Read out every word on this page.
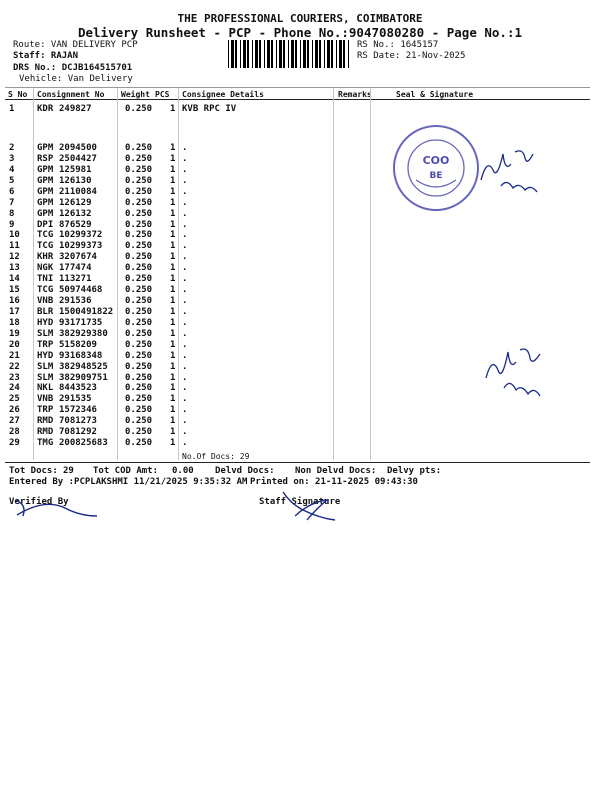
THE PROFESSIONAL COURIERS, COIMBATORE
Delivery Runsheet - PCP - Phone No.:9047080280 - Page No.:1
Route: VAN DELIVERY PCP
Staff: RAJAN
DRS No.: DCJB164515701
Vehicle: Van Delivery
RS No.: 1645157
RS Date: 21-Nov-2025
S No Consignment No Weight PCS Consignee Details	Remarks	Seal & Signature
1	KDR 249827	0.250 1 KVB RPC IV
2	GPM 2094500	0.250 1 .
3	RSP 2504427	0.250 1 .
4	GPM 125981	0.250 1 .
5	GPM 126130	0.250 1 .
6	GPM 2110084	0.250 1 .
7	GPM 126129	0.250 1 .
8	GPM 126132	0.250 1 .
9	DPI 876529	0.250 1 .
10 TCG 10299372	0.250 1 .
11 TCG 10299373	0.250 1 .
12 KHR 3207674	0.250 1 .
13 NGK 177474	0.250 1 .
14 TNI 113271	0.250 1 .
15 TCG 50974468	0.250 1 .
16 VNB 291536	0.250 1 .
17 BLR 1500491822 0.250 1 .
18 HYD 93171735	0.250 1 .
19 SLM 382929380 0.250 1 .
20 TRP 5158209	0.250 1 .
21 HYD 93168348	0.250 1 .
22 SLM 382948525 0.250 1 .
23 SLM 382909751 0.250 1 .
24 NKL 8443523	0.250 1 .
25 VNB 291535	0.250 1 .
26 TRP 1572346	0.250 1 .
27 RMD 7081273	0.250 1 .
28 RMD 7081292	0.250 1 .
29 TMG 200825683 0.250 1 .
No.Of Docs: 29
Tot Docs: 29 Tot COD Amt: 0.00 Delvd Docs: Non Delvd Docs: Delvy pts:
Entered By :PCPLAKSHMI 11/21/2025 9:35:32 AM Printed on: 21-11-2025 09:43:30
Verified By	Staff Signature
COO
BE
